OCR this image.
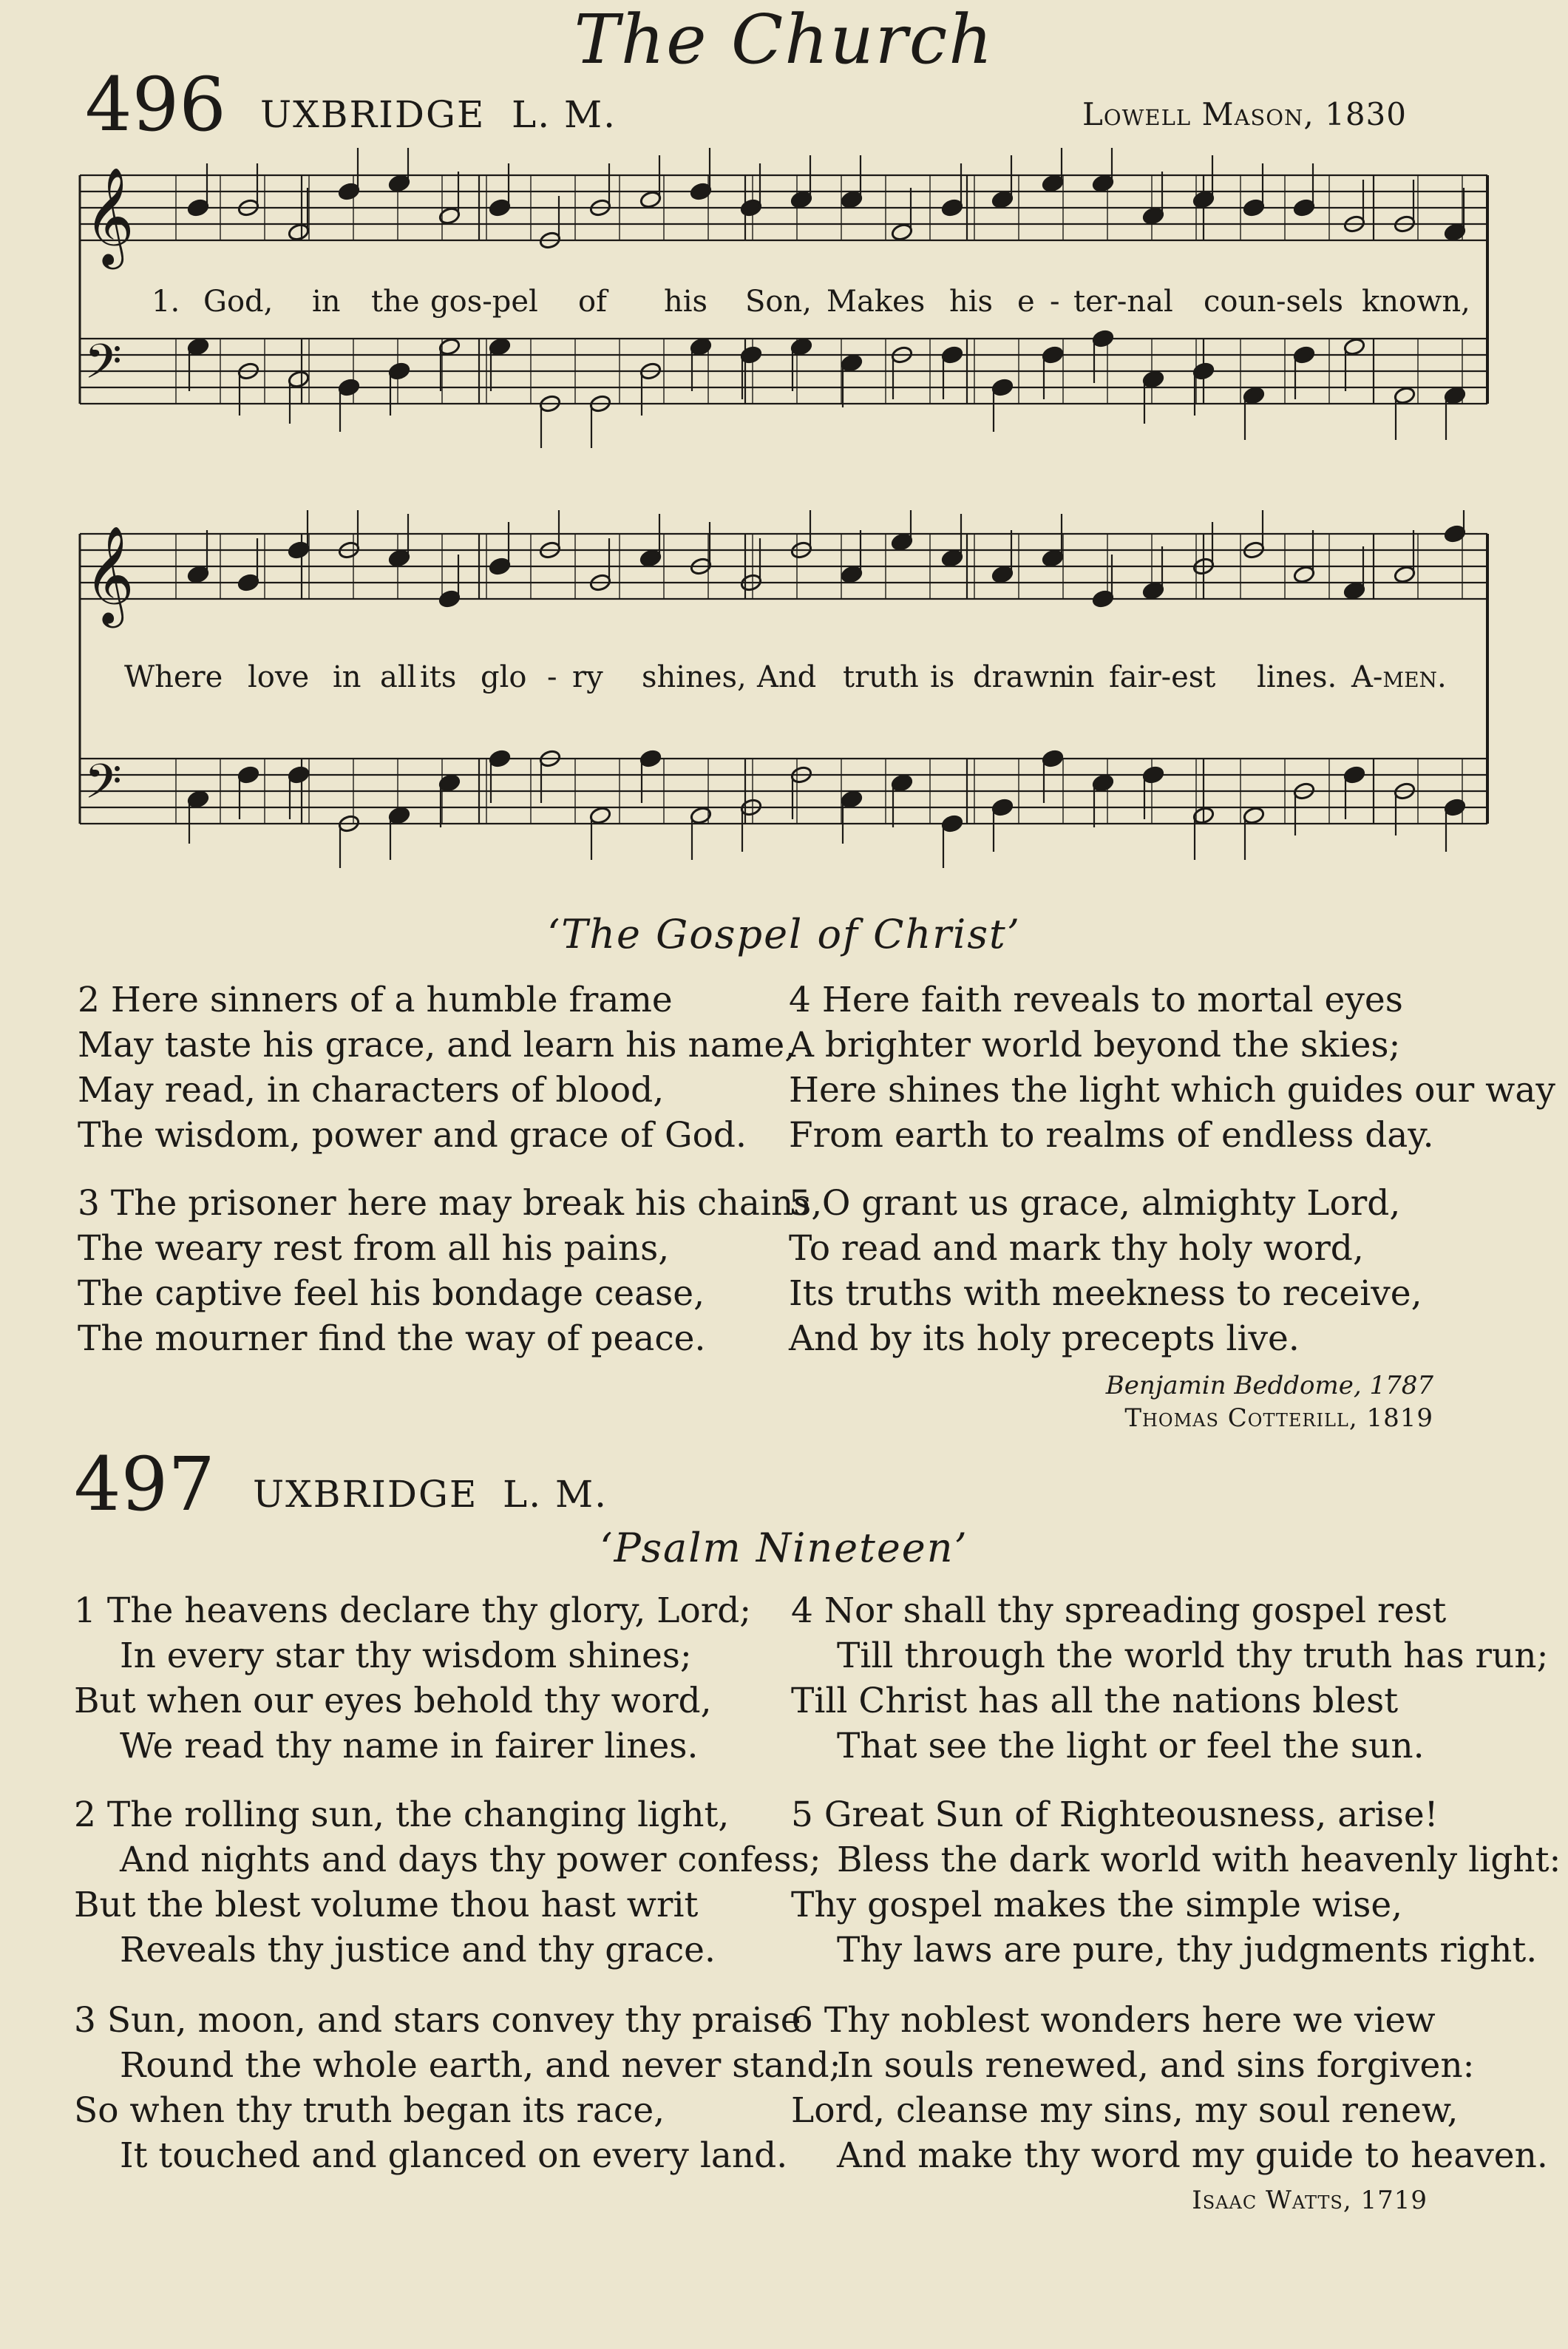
The Church
496 UXBRIDGE L. M.	Lowell Mason, 1830
𝄞
𝄢
1. God, in the gos-pel of his Son, Makes his e - ter-nal coun-sels known,
𝄞
𝄢
Where love in all its glo - ry shines, And truth is drawn
in fair-est lines. A-men.
‘The Gospel of Christ’
2 Here sinners of a humble frame
May taste his grace, and learn his name,
May read, in characters of blood,
The wisdom, power and grace of God.
4 Here faith reveals to mortal eyes
A brighter world beyond the skies;
Here shines the light which guides our way
From earth to realms of endless day.
3 The prisoner here may break his chains,
The weary rest from all his pains,
The captive feel his bondage cease,
The mourner find the way of peace.
5 O grant us grace, almighty Lord,
To read and mark thy holy word,
Its truths with meekness to receive,
And by its holy precepts live.
Benjamin Beddome, 1787
Thomas Cotterill, 1819
497 UXBRIDGE L. M.
‘Psalm Nineteen’
1 The heavens declare thy glory, Lord;
In every star thy wisdom shines;
But when our eyes behold thy word,
We read thy name in fairer lines.
4 Nor shall thy spreading gospel rest
Till through the world thy truth has run;
Till Christ has all the nations blest
That see the light or feel the sun.
2 The rolling sun, the changing light,
And nights and days thy power confess;
But the blest volume thou hast writ
Reveals thy justice and thy grace.
5 Great Sun of Righteousness, arise!
Bless the dark world with heavenly light:
Thy gospel makes the simple wise,
Thy laws are pure, thy judgments right.
3 Sun, moon, and stars convey thy praise
Round the whole earth, and never stand;
So when thy truth began its race,
It touched and glanced on every land.
6 Thy noblest wonders here we view
In souls renewed, and sins forgiven:
Lord, cleanse my sins, my soul renew,
And make thy word my guide to heaven.
Isaac Watts, 1719
